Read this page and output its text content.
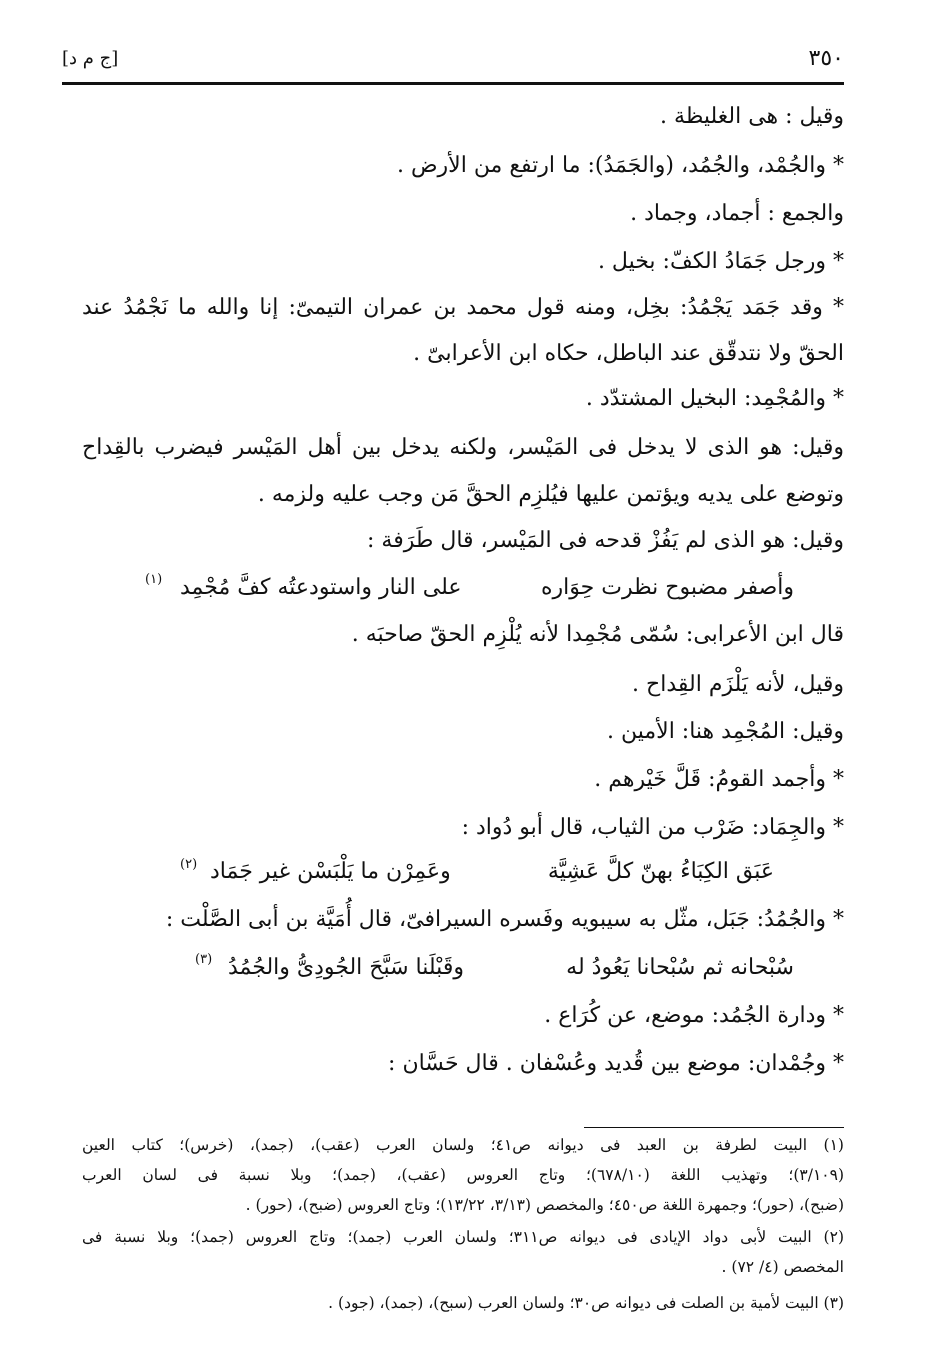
٣٥٠
[ج م د]
وقيل : هى الغليظة .
* والجُمْد، والجُمُد، (والجَمَدُ): ما ارتفع من الأرض .
والجمع : أجماد، وجماد .
* ورجل جَمَادُ الكفّ: بخيل .
* وقد جَمَد يَجْمُدُ: بخِل، ومنه قول محمد بن عمران التيمىّ: إنا والله ما نَجْمُدُ عند
الحقّ ولا نتدقّق عند الباطل، حكاه ابن الأعرابىّ .
* والمُجْمِد: البخيل المشتدّد .
وقيل: هو الذى لا يدخل فى المَيْسر، ولكنه يدخل بين أهل المَيْسر فيضرب بالقِداح
وتوضع على يديه ويؤتمن عليها فيُلزِم الحقَّ مَن وجب عليه ولزمه .
وقيل: هو الذى لم يَفُزْ قدحه فى المَيْسر، قال طَرَفة :
وأصفر مضبوح نظرت حِوَاره
على النار واستودعتُه كفَّ مُجْمِد
(١)
قال ابن الأعرابى: سُمّى مُجْمِدا لأنه يُلْزِم الحقّ صاحبَه .
وقيل، لأنه يَلْزَم القِداح .
وقيل: المُجْمِد هنا: الأمين .
* وأجمد القومُ: قَلَّ خَيْرهم .
* والجِمَاد: ضَرْب من الثياب، قال أبو دُواد :
عَبَق الكِبَاءُ بهنّ كلَّ عَشِيَّة
وعَمِرْن ما يَلْبَسْن غير جَمَاد
(٢)
* والجُمُدُ: جَبَل، مثّل به سيبويه وفَسره السيرافىّ، قال أُمَيَّة بن أبى الصَّلْت :
سُبْحانه ثم سُبْحانا يَعُودُ له
وقَبْلَنا سَبَّحَ الجُودِىُّ والجُمُدُ
(٣)
* ودارة الجُمُد: موضع، عن كُرَاع .
* وجُمْدان: موضع بين قُديد وعُسْفان . قال حَسَّان :
(١) البيت لطرفة بن العبد فى ديوانه ص٤١؛ ولسان العرب (عقب)، (جمد)، (خرس)؛ كتاب العين
(٣/١٠٩)؛ وتهذيب اللغة (٦٧٨/١٠)؛ وتاج العروس (عقب)، (جمد)؛ وبلا نسبة فى لسان العرب
(ضبح)، (حور)؛ وجمهرة اللغة ص٤٥٠؛ والمخصص (٣/١٣، ١٣/٢٢)؛ وتاج العروس (ضبح)، (حور) .
(٢) البيت لأبى دواد الإيادى فى ديوانه ص٣١١؛ ولسان العرب (جمد)؛ وتاج العروس (جمد)؛ وبلا نسبة فى
المخصص (٤/ ٧٢) .
(٣) البيت لأمية بن الصلت فى ديوانه ص٣٠؛ ولسان العرب (سبح)، (جمد)، (جود) .
